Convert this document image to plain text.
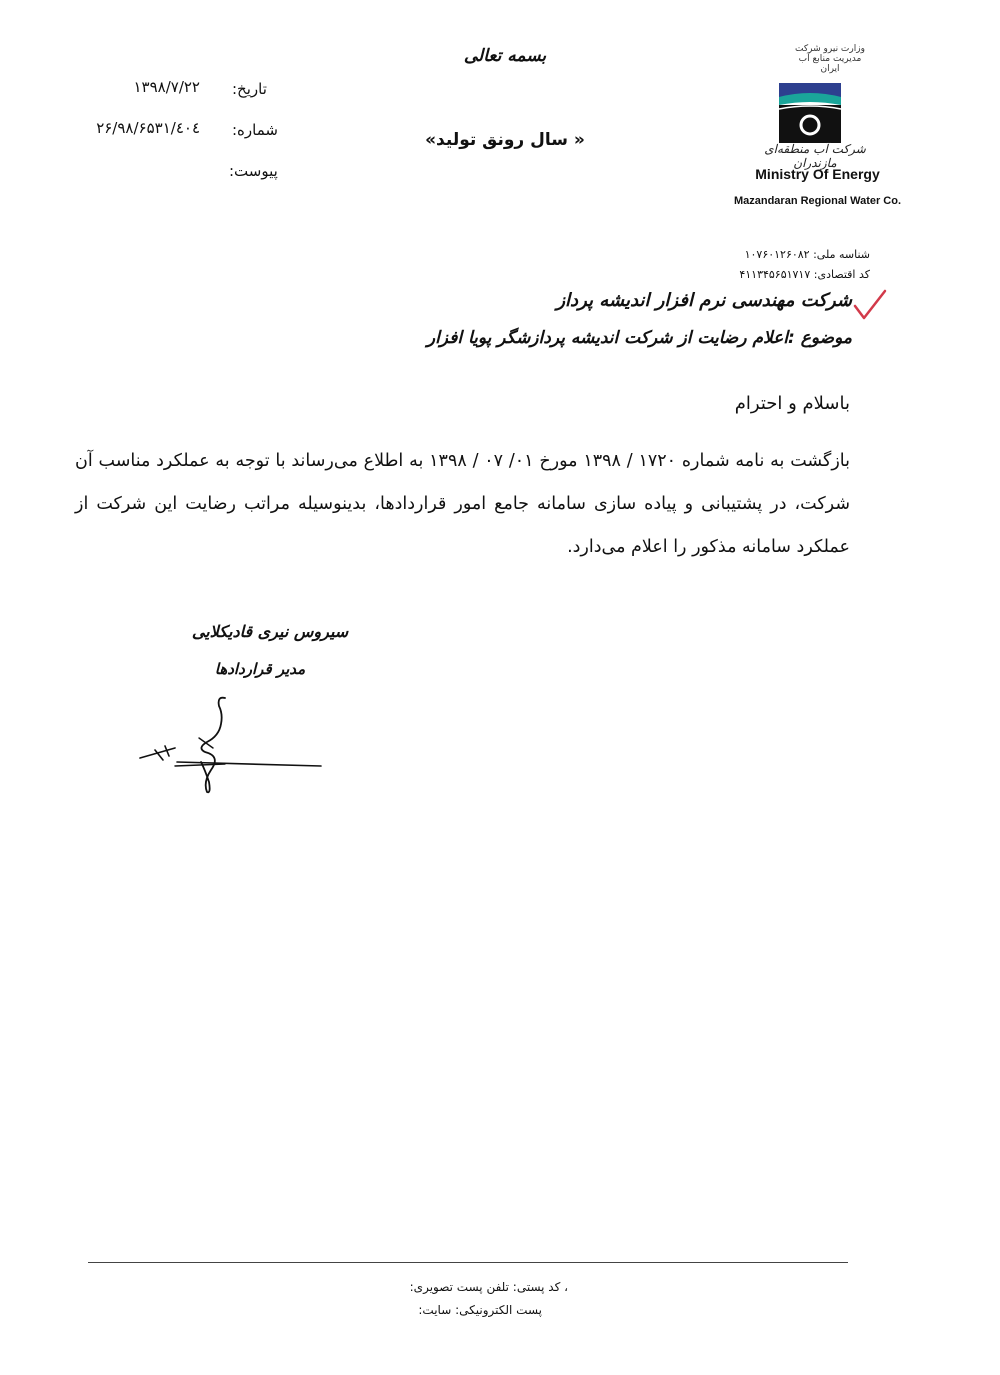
بسمه تعالی
« سال رونق تولید»
تاریخ:
۱۳۹۸/۷/۲۲
شماره:
۲۶/۹۸/۶۵۳۱/٤۰٤
پیوست:
وزارت نیرو شرکت مدیریت منابع آب ایران
شرکت آب منطقه‌ای مازندران
Ministry Of Energy
Mazandaran Regional Water Co.
شناسه ملی: ۱۰۷۶۰۱۲۶۰۸۲
کد اقتصادی: ۴۱۱۳۴۵۶۵۱۷۱۷
شرکت مهندسی نرم افزار اندیشه پرداز
موضوع :اعلام رضایت از شرکت اندیشه پردازشگر پویا افزار
باسلام و احترام
بازگشت به نامه شماره ۱۷۲۰ / ۱۳۹۸ مورخ ۰۱/ ۰۷ / ۱۳۹۸ به اطلاع می‌رساند با توجه به عملکرد مناسب آن شرکت، در پشتیبانی و پیاده سازی سامانه جامع امور قراردادها، بدینوسیله مراتب رضایت این شرکت از عملکرد سامانه مذکور را اعلام می‌دارد.
سیروس نیری قادیکلایی
مدیر قراردادها
، کد پستی: تلفن پست تصویری:
پست الکترونیکی: سایت:
